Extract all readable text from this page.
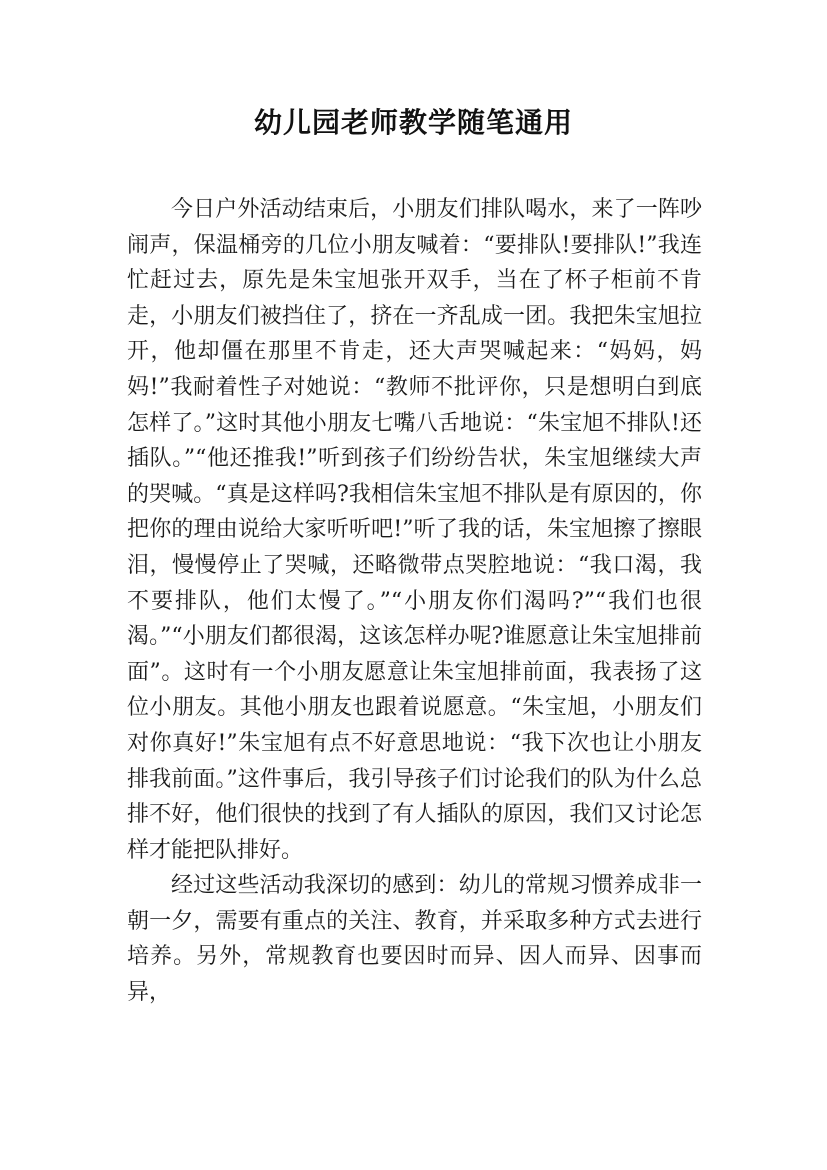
幼儿园老师教学随笔通用

今日户外活动结束后，小朋友们排队喝水，来了一阵吵闹声，保温桶旁的几位小朋友喊着：“要排队!要排队!”我连忙赶过去，原先是朱宝旭张开双手，当在了杯子柜前不肯走，小朋友们被挡住了，挤在一齐乱成一团。我把朱宝旭拉开，他却僵在那里不肯走，还大声哭喊起来：“妈妈，妈妈!”我耐着性子对她说：“教师不批评你，只是想明白到底怎样了。”这时其他小朋友七嘴八舌地说：“朱宝旭不排队!还插队。”“他还推我!”听到孩子们纷纷告状，朱宝旭继续大声的哭喊。“真是这样吗?我相信朱宝旭不排队是有原因的，你把你的理由说给大家听听吧!”听了我的话，朱宝旭擦了擦眼泪，慢慢停止了哭喊，还略微带点哭腔地说：“我口渴，我不要排队，他们太慢了。”“小朋友你们渴吗?”“我们也很渴。”“小朋友们都很渴，这该怎样办呢?谁愿意让朱宝旭排前面”。这时有一个小朋友愿意让朱宝旭排前面，我表扬了这位小朋友。其他小朋友也跟着说愿意。“朱宝旭，小朋友们对你真好!”朱宝旭有点不好意思地说：“我下次也让小朋友排我前面。”这件事后，我引导孩子们讨论我们的队为什么总排不好，他们很快的找到了有人插队的原因，我们又讨论怎样才能把队排好。

经过这些活动我深切的感到：幼儿的常规习惯养成非一朝一夕，需要有重点的关注、教育，并采取多种方式去进行培养。另外，常规教育也要因时而异、因人而异、因事而异，
